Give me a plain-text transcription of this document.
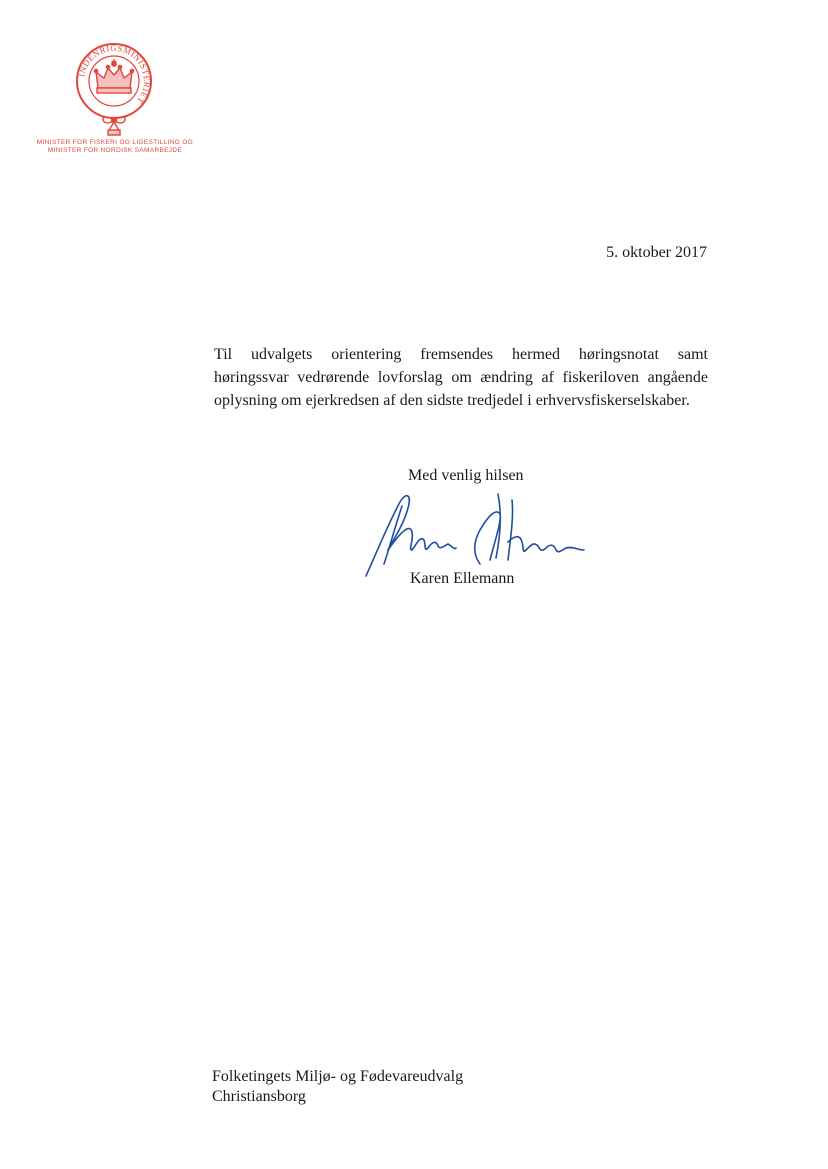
INDENRIGSMINISTERIET
MINISTER FOR FISKERI OG LIGESTILLING OG
MINISTER FOR NORDISK SAMARBEJDE
5. oktober 2017
Til udvalgets orientering fremsendes hermed høringsnotat samt
høringssvar vedrørende lovforslag om ændring af fiskeriloven angående
oplysning om ejerkredsen af den sidste tredjedel i erhvervsfiskerselskaber.
Med venlig hilsen
Karen Ellemann
Folketingets Miljø- og Fødevareudvalg
Christiansborg
